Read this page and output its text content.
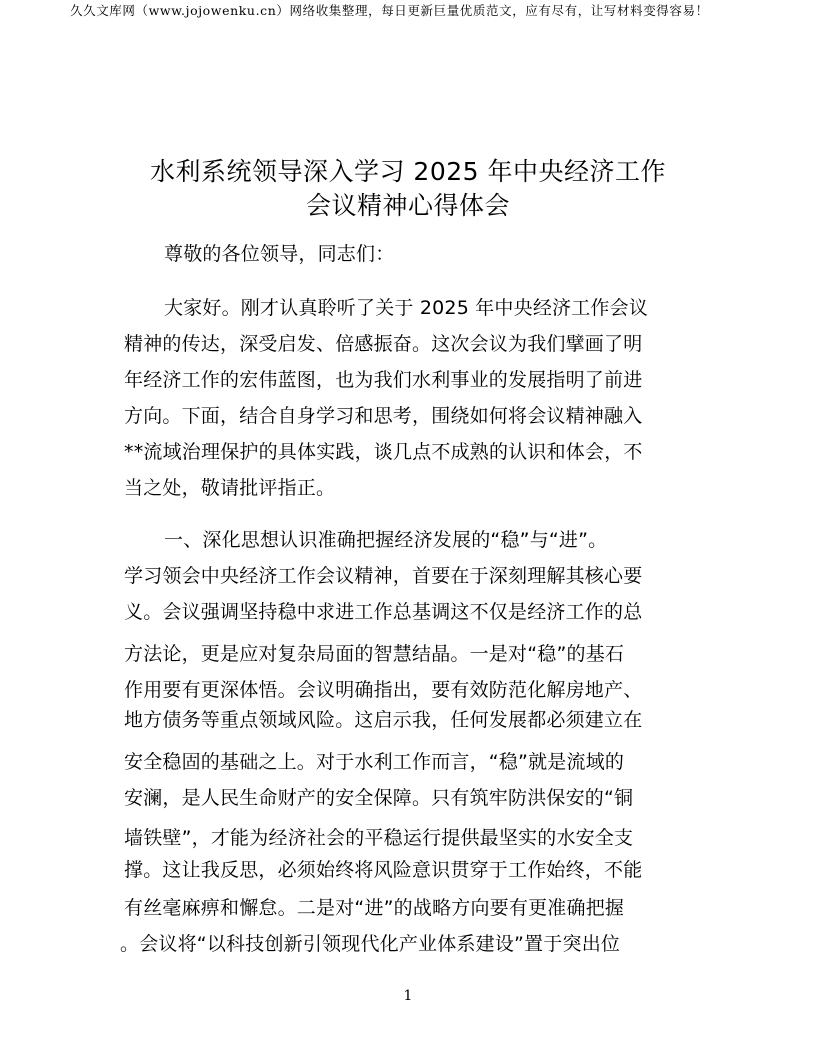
久久文库网（www.jojowenku.cn）网络收集整理，每日更新巨量优质范文，应有尽有，让写材料变得容易！
水利系统领导深入学习 2025 年中央经济工作
会议精神心得体会
尊敬的各位领导，同志们：
大家好。刚才认真聆听了关于 2025 年中央经济工作会议
精神的传达，深受启发、倍感振奋。这次会议为我们擘画了明
年经济工作的宏伟蓝图，也为我们水利事业的发展指明了前进
方向。下面，结合自身学习和思考，围绕如何将会议精神融入
**流域治理保护的具体实践，谈几点不成熟的认识和体会，不
当之处，敬请批评指正。
一、深化思想认识准确把握经济发展的“稳”与“进”。
学习领会中央经济工作会议精神，首要在于深刻理解其核心要
义。会议强调坚持稳中求进工作总基调这不仅是经济工作的总
方法论，更是应对复杂局面的智慧结晶。一是对“稳”的基石
作用要有更深体悟。会议明确指出，要有效防范化解房地产、
地方债务等重点领域风险。这启示我，任何发展都必须建立在
安全稳固的基础之上。对于水利工作而言，“稳”就是流域的
安澜，是人民生命财产的安全保障。只有筑牢防洪保安的“铜
墙铁壁”，才能为经济社会的平稳运行提供最坚实的水安全支
撑。这让我反思，必须始终将风险意识贯穿于工作始终，不能
有丝毫麻痹和懈怠。二是对“进”的战略方向要有更准确把握
。会议将“以科技创新引领现代化产业体系建设”置于突出位
1
